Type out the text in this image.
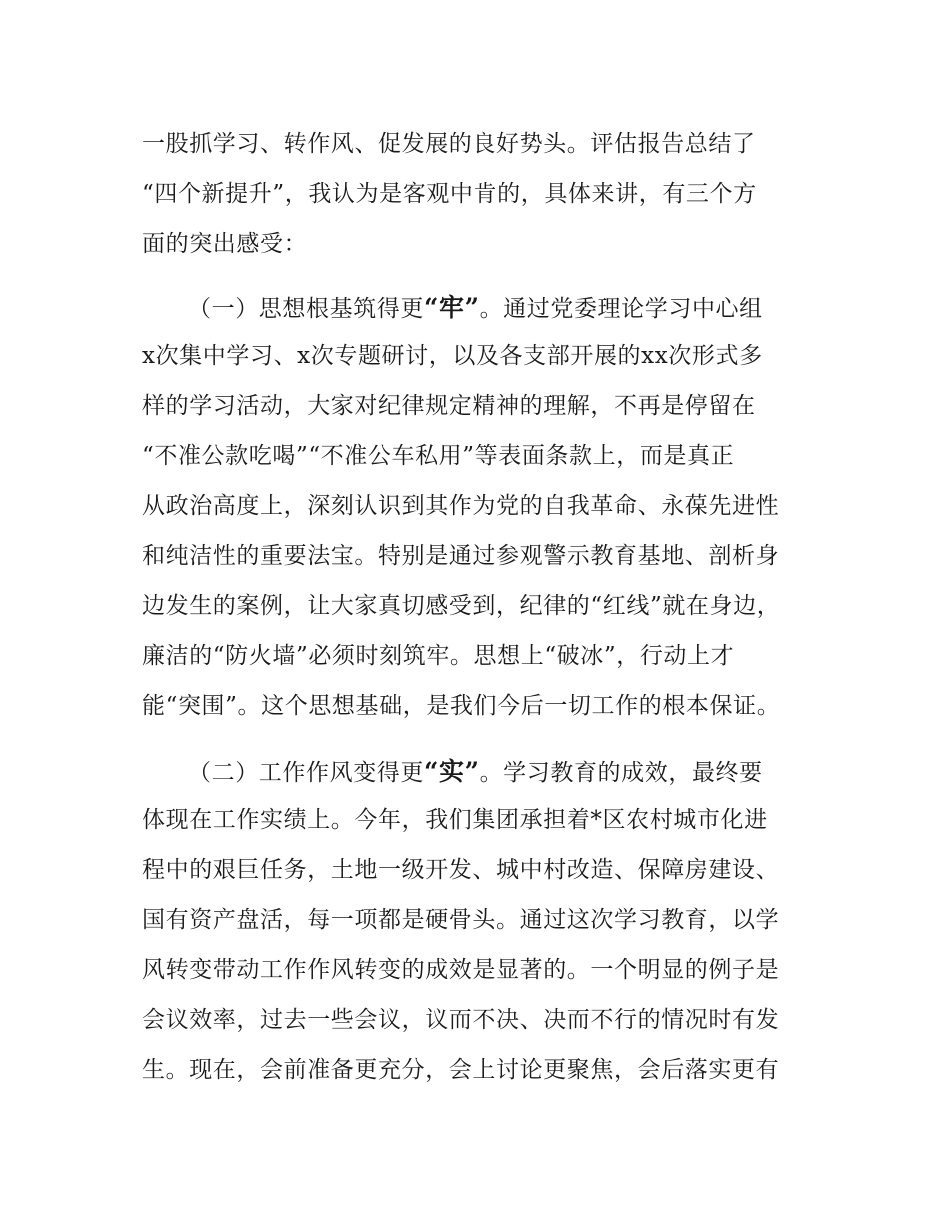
一股抓学习、转作风、促发展的良好势头。评估报告总结了
“四个新提升”，我认为是客观中肯的，具体来讲，有三个方
面的突出感受：
（一）思想根基筑得更“牢”。通过党委理论学习中心组
x次集中学习、x次专题研讨，以及各支部开展的xx次形式多
样的学习活动，大家对纪律规定精神的理解，不再是停留在
“不准公款吃喝”“不准公车私用”等表面条款上，而是真正
从政治高度上，深刻认识到其作为党的自我革命、永葆先进性
和纯洁性的重要法宝。特别是通过参观警示教育基地、剖析身
边发生的案例，让大家真切感受到，纪律的“红线”就在身边，
廉洁的“防火墙”必须时刻筑牢。思想上“破冰”，行动上才
能“突围”。这个思想基础，是我们今后一切工作的根本保证。
（二）工作作风变得更“实”。学习教育的成效，最终要
体现在工作实绩上。今年，我们集团承担着*区农村城市化进
程中的艰巨任务，土地一级开发、城中村改造、保障房建设、
国有资产盘活，每一项都是硬骨头。通过这次学习教育，以学
风转变带动工作作风转变的成效是显著的。一个明显的例子是
会议效率，过去一些会议，议而不决、决而不行的情况时有发
生。现在，会前准备更充分，会上讨论更聚焦，会后落实更有
